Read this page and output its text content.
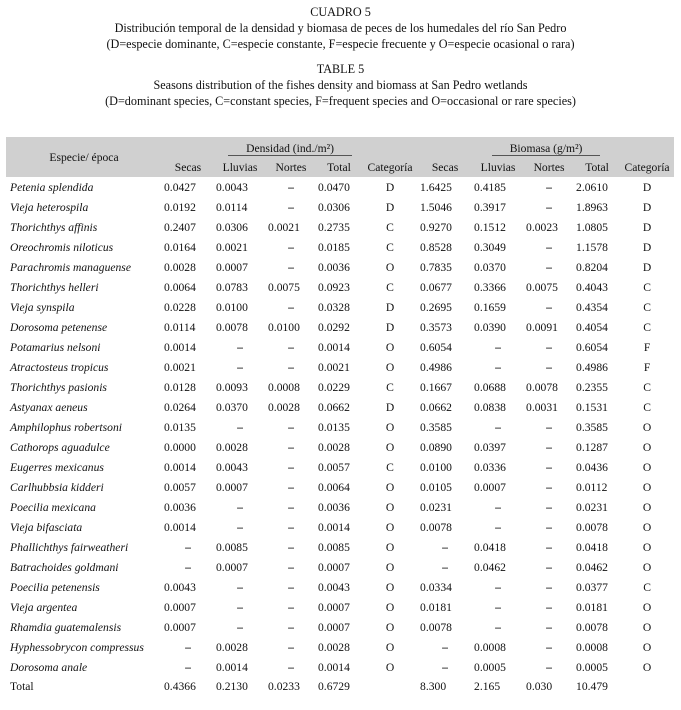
CUADRO 5
Distribución temporal de la densidad y biomasa de peces de los humedales del río San Pedro
(D=especie dominante, C=especie constante, F=especie frecuente y O=especie ocasional o rara)
TABLE 5
Seasons distribution of the fishes density and biomass at San Pedro wetlands
(D=dominant species, C=constant species, F=frequent species and O=occasional or rare species)
Especie/ época	Densidad (ind./m²)					Biomasa (g/m²)				
	Secas	Lluvias	Nortes	Total	Categoría	Secas	Lluvias	Nortes	Total	Categoría
Petenia splendida	0.0427	0.0043	–	0.0470	D	1.6425	0.4185	–	2.0610	D
Vieja heterospila	0.0192	0.0114	–	0.0306	D	1.5046	0.3917	–	1.8963	D
Thorichthys affinis	0.2407	0.0306	0.0021	0.2735	C	0.9270	0.1512	0.0023	1.0805	D
Oreochromis niloticus	0.0164	0.0021	–	0.0185	C	0.8528	0.3049	–	1.1578	D
Parachromis managuense	0.0028	0.0007	–	0.0036	O	0.7835	0.0370	–	0.8204	D
Thorichthys helleri	0.0064	0.0783	0.0075	0.0923	C	0.0677	0.3366	0.0075	0.4043	C
Vieja synspila	0.0228	0.0100	–	0.0328	D	0.2695	0.1659	–	0.4354	C
Dorosoma petenense	0.0114	0.0078	0.0100	0.0292	D	0.3573	0.0390	0.0091	0.4054	C
Potamarius nelsoni	0.0014	–	–	0.0014	O	0.6054	–	–	0.6054	F
Atractosteus tropicus	0.0021	–	–	0.0021	O	0.4986	–	–	0.4986	F
Thorichthys pasionis	0.0128	0.0093	0.0008	0.0229	C	0.1667	0.0688	0.0078	0.2355	C
Astyanax aeneus	0.0264	0.0370	0.0028	0.0662	D	0.0662	0.0838	0.0031	0.1531	C
Amphilophus robertsoni	0.0135	–	–	0.0135	O	0.3585	–	–	0.3585	O
Cathorops aguadulce	0.0000	0.0028	–	0.0028	O	0.0890	0.0397	–	0.1287	O
Eugerres mexicanus	0.0014	0.0043	–	0.0057	C	0.0100	0.0336	–	0.0436	O
Carlhubbsia kidderi	0.0057	0.0007	–	0.0064	O	0.0105	0.0007	–	0.0112	O
Poecilia mexicana	0.0036	–	–	0.0036	O	0.0231	–	–	0.0231	O
Vieja bifasciata	0.0014	–	–	0.0014	O	0.0078	–	–	0.0078	O
Phallichthys fairweatheri	–	0.0085	–	0.0085	O	–	0.0418	–	0.0418	O
Batrachoides goldmani	–	0.0007	–	0.0007	O	–	0.0462	–	0.0462	O
Poecilia petenensis	0.0043	–	–	0.0043	O	0.0334	–	–	0.0377	C
Vieja argentea	0.0007	–	–	0.0007	O	0.0181	–	–	0.0181	O
Rhamdia guatemalensis	0.0007	–	–	0.0007	O	0.0078	–	–	0.0078	O
Hyphessobrycon compressus	–	0.0028	–	0.0028	O	–	0.0008	–	0.0008	O
Dorosoma anale	–	0.0014	–	0.0014	O	–	0.0005	–	0.0005	O
Total	0.4366	0.2130	0.0233	0.6729		8.300	2.165	0.030	10.479	
